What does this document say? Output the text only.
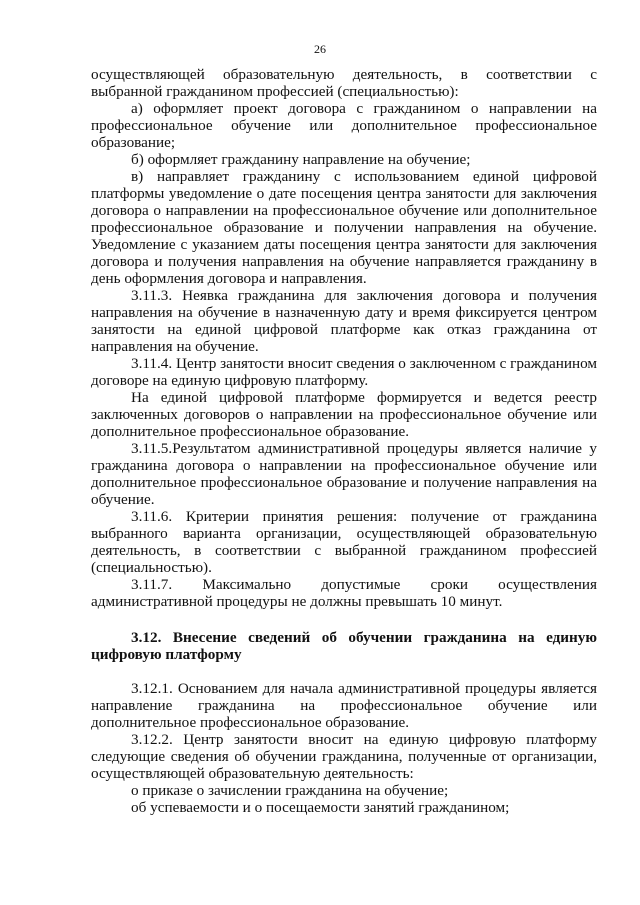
26

осуществляющей образовательную деятельность, в соответствии с выбранной гражданином профессией (специальностью):

а) оформляет проект договора с гражданином о направлении на профессиональное обучение или дополнительное профессиональное образование;

б) оформляет гражданину направление на обучение;

в) направляет гражданину с использованием единой цифровой платформы уведомление о дате посещения центра занятости для заключения договора о направлении на профессиональное обучение или дополнительное профессиональное образование и получении направления на обучение. Уведомление с указанием даты посещения центра занятости для заключения договора и получения направления на обучение направляется гражданину в день оформления договора и направления.

3.11.3. Неявка гражданина для заключения договора и получения направления на обучение в назначенную дату и время фиксируется центром занятости на единой цифровой платформе как отказ гражданина от направления на обучение.

3.11.4. Центр занятости вносит сведения о заключенном с гражданином договоре на единую цифровую платформу.

На единой цифровой платформе формируется и ведется реестр заключенных договоров о направлении на профессиональное обучение или дополнительное профессиональное образование.

3.11.5.Результатом административной процедуры является наличие у гражданина договора о направлении на профессиональное обучение или дополнительное профессиональное образование и получение направления на обучение.

3.11.6. Критерии принятия решения: получение от гражданина выбранного варианта организации, осуществляющей образовательную деятельность, в соответствии с выбранной гражданином профессией (специальностью).

3.11.7. Максимально допустимые сроки осуществления административной процедуры не должны превышать 10 минут.

3.12. Внесение сведений об обучении гражданина на единую цифровую платформу

3.12.1. Основанием для начала административной процедуры является направление гражданина на профессиональное обучение или дополнительное профессиональное образование.

3.12.2. Центр занятости вносит на единую цифровую платформу следующие сведения об обучении гражданина, полученные от организации, осуществляющей образовательную деятельность:

о приказе о зачислении гражданина на обучение;

об успеваемости и о посещаемости занятий гражданином;
